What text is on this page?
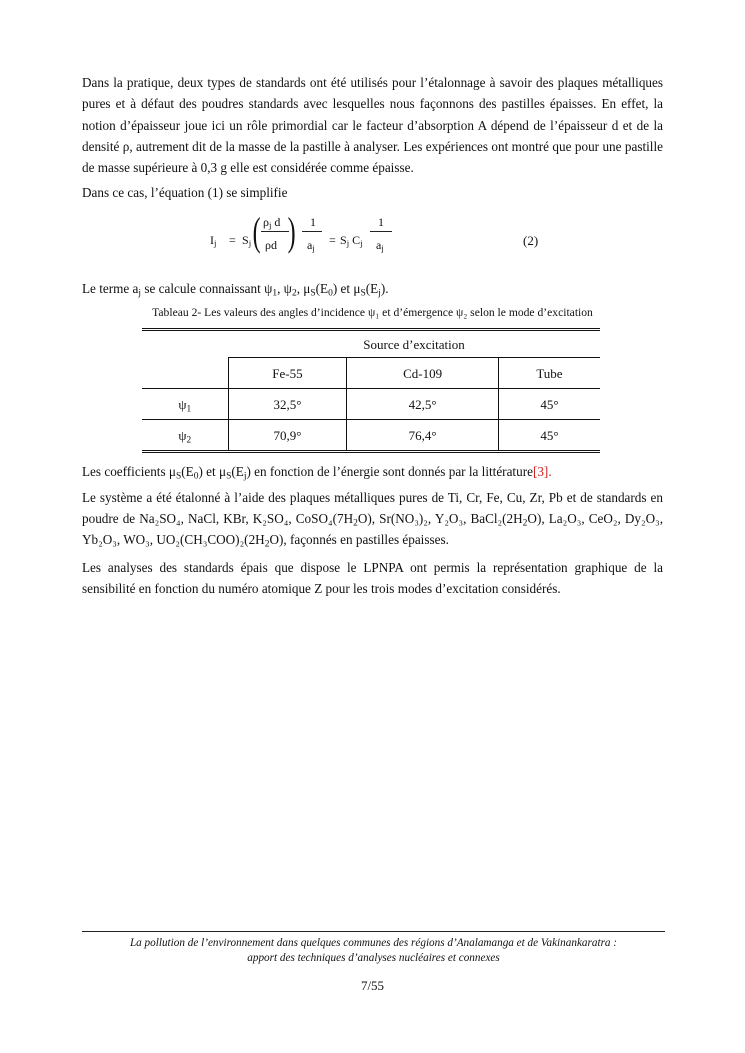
Dans la pratique, deux types de standards ont été utilisés pour l’étalonnage à savoir des plaques métalliques pures et à défaut des poudres standards avec lesquelles nous façonnons des pastilles épaisses. En effet, la notion d’épaisseur joue ici un rôle primordial car le facteur d’absorption A dépend de l’épaisseur d et de la densité ρ, autrement dit de la masse de la pastille à analyser. Les expériences ont montré que pour une pastille de masse supérieure à 0,3 g elle est considérée comme épaisse.

Dans ce cas, l’équation (1) se simplifie

$I_j = S_j$ ( $\rho_j$ d
ρd ) 1
$a_j$
= $S_j$ $C_j$
1
$a_j$
(2)

Le terme $a_j$ se calcule connaissant $\psi_1$, $\psi_2$, $\mu_S(E_0)$ et $\mu_S(E_j)$.

Tableau 2- Les valeurs des angles d’incidence ψ₁ et d’émergence ψ₂ selon le mode d’excitation
	Source d’excitation		
	Fe-55	Cd-109	Tube
$\psi_1$	32,5°	42,5°	45°
$\psi_2$	70,9°	76,4°	45°

Les coefficients $\mu_S(E_0)$ et $\mu_S(E_j)$ en fonction de l’énergie sont donnés par la littérature[3].

Le système a été étalonné à l’aide des plaques métalliques pures de Ti, Cr, Fe, Cu, Zr, Pb et de standards en poudre de Na₂SO₄, NaCl, KBr, K₂SO₄, $CoSO_4(7H_2O)$, Sr(NO₃)₂, Y₂O₃, $BaCl_2(2H_2O)$, La₂O₃, CeO₂, Dy₂O₃, Yb₂O₃, WO₃, $UO_2(CH_3COO)_2(2H_2O)$, façonnés en pastilles épaisses.

Les analyses des standards épais que dispose le LPNPA ont permis la représentation graphique de la sensibilité en fonction du numéro atomique Z pour les trois modes d’excitation considérés.

La pollution de l’environnement dans quelques communes des régions d’Analamanga et de Vakinankaratra :
apport des techniques d’analyses nucléaires et connexes
7/55
